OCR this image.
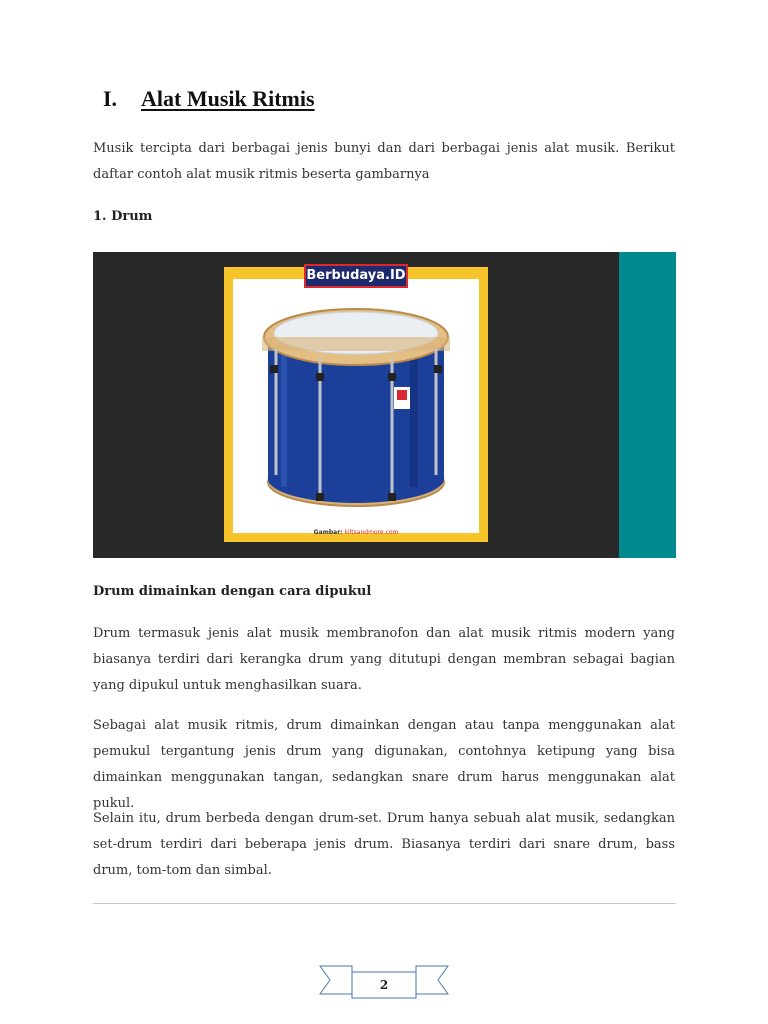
I.	Alat Musik Ritmis

Musik tercipta dari berbagai jenis bunyi dan dari berbagai jenis alat musik. Berikut daftar contoh alat musik ritmis beserta gambarnya

1. Drum
Berbudaya.ID
Gambar: kiltsandmore.com
Drum dimainkan dengan cara dipukul

Drum termasuk jenis alat musik membranofon dan alat musik ritmis modern yang biasanya terdiri dari kerangka drum yang ditutupi dengan membran sebagai bagian yang dipukul untuk menghasilkan suara.

Sebagai alat musik ritmis, drum dimainkan dengan atau tanpa menggunakan alat pemukul tergantung jenis drum yang digunakan, contohnya ketipung yang bisa dimainkan menggunakan tangan, sedangkan snare drum harus menggunakan alat pukul.

Selain itu, drum berbeda dengan drum-set. Drum hanya sebuah alat musik, sedangkan set-drum terdiri dari beberapa jenis drum. Biasanya terdiri dari snare drum, bass drum, tom-tom dan simbal.

2
